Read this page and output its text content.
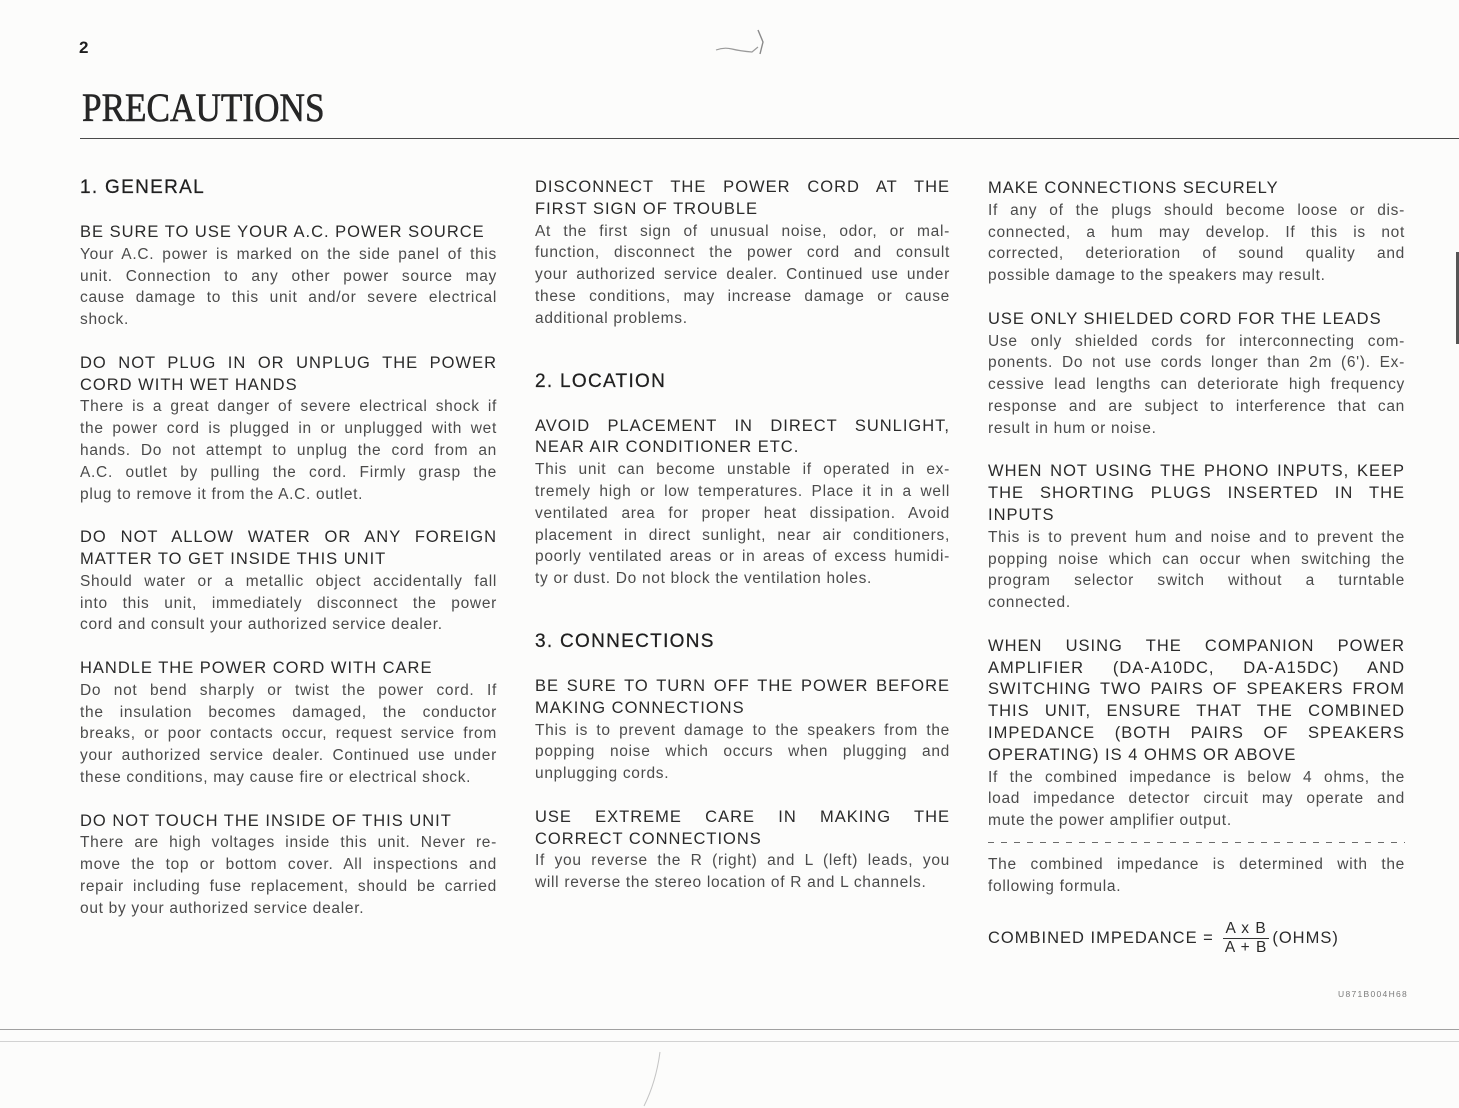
2
PRECAUTIONS
1. GENERAL
BE SURE TO USE YOUR A.C. POWER SOURCE
Your A.C. power is marked on the side panel of this
unit. Connection to any other power source may
cause damage to this unit and/or severe electrical
shock.
DO NOT PLUG IN OR UNPLUG THE POWER
CORD WITH WET HANDS
There is a great danger of severe electrical shock if
the power cord is plugged in or unplugged with wet
hands. Do not attempt to unplug the cord from an
A.C. outlet by pulling the cord. Firmly grasp the
plug to remove it from the A.C. outlet.
DO NOT ALLOW WATER OR ANY FOREIGN
MATTER TO GET INSIDE THIS UNIT
Should water or a metallic object accidentally fall
into this unit, immediately disconnect the power
cord and consult your authorized service dealer.
HANDLE THE POWER CORD WITH CARE
Do not bend sharply or twist the power cord. If
the insulation becomes damaged, the conductor
breaks, or poor contacts occur, request service from
your authorized service dealer. Continued use under
these conditions, may cause fire or electrical shock.
DO NOT TOUCH THE INSIDE OF THIS UNIT
There are high voltages inside this unit. Never re-
move the top or bottom cover. All inspections and
repair including fuse replacement, should be carried
out by your authorized service dealer.
DISCONNECT THE POWER CORD AT THE
FIRST SIGN OF TROUBLE
At the first sign of unusual noise, odor, or mal-
function, disconnect the power cord and consult
your authorized service dealer. Continued use under
these conditions, may increase damage or cause
additional problems.
2. LOCATION
AVOID PLACEMENT IN DIRECT SUNLIGHT,
NEAR AIR CONDITIONER ETC.
This unit can become unstable if operated in ex-
tremely high or low temperatures. Place it in a well
ventilated area for proper heat dissipation. Avoid
placement in direct sunlight, near air conditioners,
poorly ventilated areas or in areas of excess humidi-
ty or dust. Do not block the ventilation holes.
3. CONNECTIONS
BE SURE TO TURN OFF THE POWER BEFORE
MAKING CONNECTIONS
This is to prevent damage to the speakers from the
popping noise which occurs when plugging and
unplugging cords.
USE EXTREME CARE IN MAKING THE
CORRECT CONNECTIONS
If you reverse the R (right) and L (left) leads, you
will reverse the stereo location of R and L channels.
MAKE CONNECTIONS SECURELY
If any of the plugs should become loose or dis-
connected, a hum may develop. If this is not
corrected, deterioration of sound quality and
possible damage to the speakers may result.
USE ONLY SHIELDED CORD FOR THE LEADS
Use only shielded cords for interconnecting com-
ponents. Do not use cords longer than 2m (6'). Ex-
cessive lead lengths can deteriorate high frequency
response and are subject to interference that can
result in hum or noise.
WHEN NOT USING THE PHONO INPUTS, KEEP
THE SHORTING PLUGS INSERTED IN THE
INPUTS
This is to prevent hum and noise and to prevent the
popping noise which can occur when switching the
program selector switch without a turntable
connected.
WHEN USING THE COMPANION POWER
AMPLIFIER (DA-A10DC, DA-A15DC) AND
SWITCHING TWO PAIRS OF SPEAKERS FROM
THIS UNIT, ENSURE THAT THE COMBINED
IMPEDANCE (BOTH PAIRS OF SPEAKERS
OPERATING) IS 4 OHMS OR ABOVE
If the combined impedance is below 4 ohms, the
load impedance detector circuit may operate and
mute the power amplifier output.
The combined impedance is determined with the
following formula.
COMBINED IMPEDANCE = $\frac{\text{A x B}}{A + B}$ (OHMS)
U871B004H68
